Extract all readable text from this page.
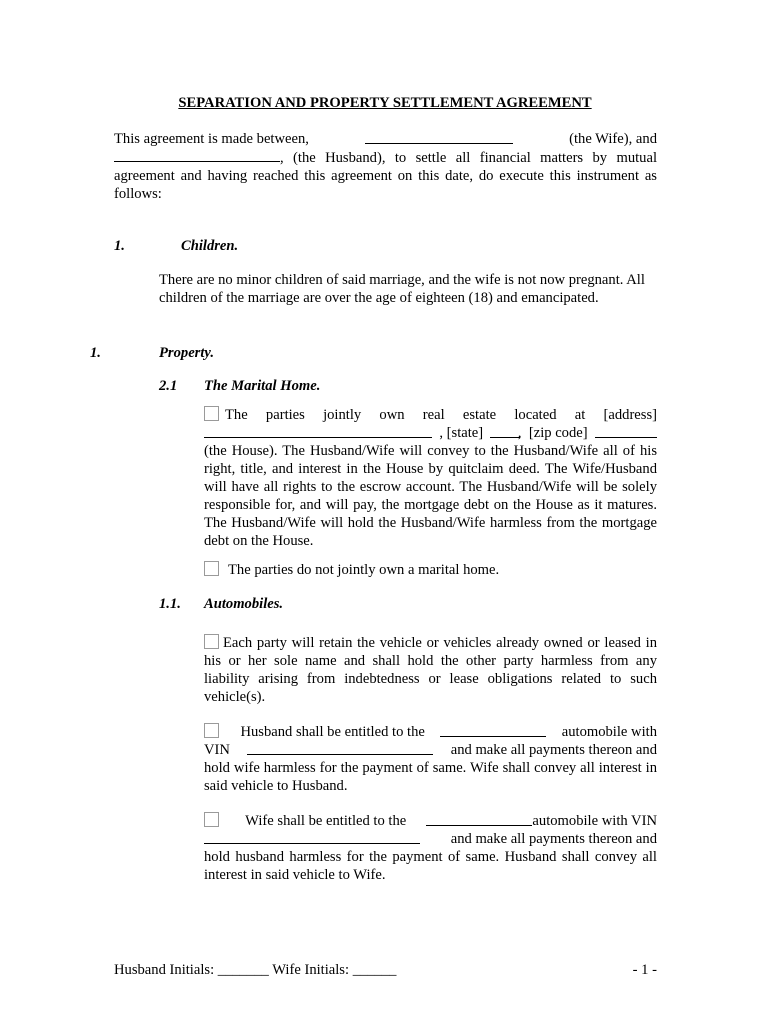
SEPARATION AND PROPERTY SETTLEMENT AGREEMENT
This agreement is made between,	(the Wife), and
, (the Husband), to settle all financial matters by mutual agreement and having reached this agreement on this date, do execute this instrument as follows:
1.	Children.
There are no minor children of said marriage, and the wife is not now pregnant. All children of the marriage are over the age of eighteen (18) and emancipated.
1.	Property.
2.1 The Marital Home.
The parties jointly own real estate located at [address]
, [state] , [zip code]
(the House). The Husband/Wife will convey to the Husband/Wife all of his right, title, and interest in the House by quitclaim deed. The Wife/Husband will have all rights to the escrow account. The Husband/Wife will be solely responsible for, and will pay, the mortgage debt on the House as it matures. The Husband/Wife will hold the Husband/Wife harmless from the mortgage debt on the House.
The parties do not jointly own a marital home.
1.1. Automobiles.
Each party will retain the vehicle or vehicles already owned or leased in his or her sole name and shall hold the other party harmless from any liability arising from indebtedness or lease obligations related to such vehicle(s).
Husband shall be entitled to the	automobile with
VIN	and make all payments thereon and
hold wife harmless for the payment of same. Wife shall convey all interest in said vehicle to Husband.
Wife shall be entitled to the	automobile with VIN
and make all payments thereon and
hold husband harmless for the payment of same. Husband shall convey all interest in said vehicle to Wife.
Husband Initials: _______ Wife Initials: ______	- 1 -
